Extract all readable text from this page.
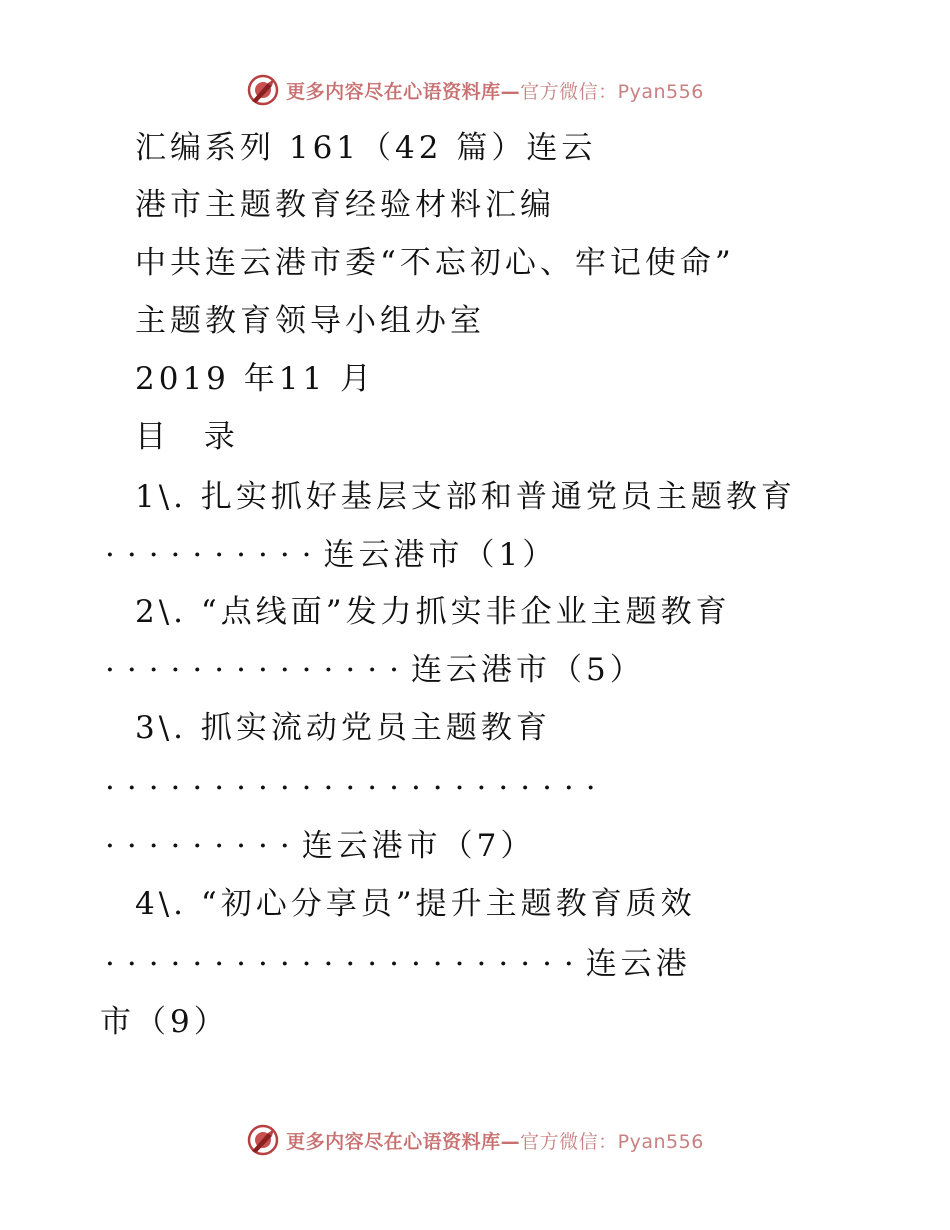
更多内容尽在心语资料库—官方微信：Pyan556
汇编系列 161（42 篇）连云
港市主题教育经验材料汇编
中共连云港市委“不忘初心、牢记使命”
主题教育领导小组办室
2019 年11 月
目 录
1\. 扎实抓好基层支部和普通党员主题教育
··········连云港市（1）
2\. “点线面”发力抓实非企业主题教育
··············连云港市（5）
3\. 抓实流动党员主题教育
·······················
·········连云港市（7）
4\. “初心分享员”提升主题教育质效
······················连云港
市（9）
更多内容尽在心语资料库—官方微信：Pyan556
